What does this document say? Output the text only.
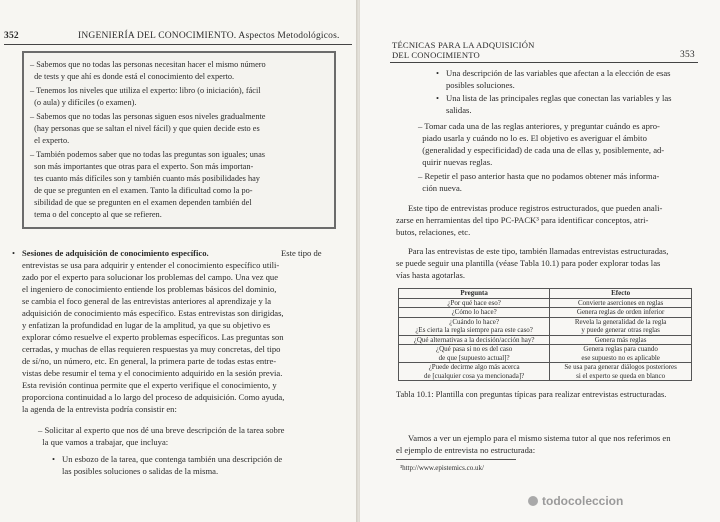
352	INGENIERÍA DEL CONOCIMIENTO. Aspectos Metodológicos.
– Sabemos que no todas las personas necesitan hacer el mismo número
de tests y que ahí es donde está el conocimiento del experto.
– Tenemos los niveles que utiliza el experto: libro (o iniciación), fácil
(o aula) y difíciles (o examen).
– Sabemos que no todas las personas siguen esos niveles gradualmente
(hay personas que se saltan el nivel fácil) y que quien decide esto es
el experto.
– También podemos saber que no todas las preguntas son iguales; unas
son más importantes que otras para el experto. Son más importan-
tes cuanto más difíciles son y también cuanto más posibilidades hay
de que se pregunten en el examen. Tanto la dificultad como la po-
sibilidad de que se pregunten en el examen dependen también del
tema o del concepto al que se refieren.
• Sesiones de adquisición de conocimiento específico.	Este tipo de
entrevistas se usa para adquirir y entender el conocimiento específico utili-
zado por el experto para solucionar los problemas del campo. Una vez que
el ingeniero de conocimiento entiende los problemas básicos del dominio,
se cambia el foco general de las entrevistas anteriores al aprendizaje y la
adquisición de conocimiento más específico. Estas entrevistas son dirigidas,
y enfatizan la profundidad en lugar de la amplitud, ya que su objetivo es
explorar cómo resuelve el experto problemas específicos. Las preguntas son
cerradas, y muchas de ellas requieren respuestas ya muy concretas, del tipo
de sí/no, un número, etc. En general, la primera parte de todas estas entre-
vistas debe resumir el tema y el conocimiento adquirido en la sesión previa.
Esta revisión continua permite que el experto verifique el conocimiento, y
proporciona continuidad a lo largo del proceso de adquisición. Como ayuda,
la agenda de la entrevista podría consistir en:
– Solicitar al experto que nos dé una breve descripción de la tarea sobre
la que vamos a trabajar, que incluya:
• Un esbozo de la tarea, que contenga también una descripción de
las posibles soluciones o salidas de la misma.
TÉCNICAS PARA LA ADQUISICIÓN
DEL CONOCIMIENTO	353
• Una descripción de las variables que afectan a la elección de esas
posibles soluciones.
• Una lista de las principales reglas que conectan las variables y las
salidas.
– Tomar cada una de las reglas anteriores, y preguntar cuándo es apro-
piado usarla y cuándo no lo es. El objetivo es averiguar el ámbito
(generalidad y especificidad) de cada una de ellas y, posiblemente, ad-
quirir nuevas reglas.
– Repetir el paso anterior hasta que no podamos obtener más informa-
ción nueva.
Este tipo de entrevistas produce registros estructurados, que pueden anali-
zarse en herramientas del tipo PC-PACK³ para identificar conceptos, atri-
butos, relaciones, etc.
Para las entrevistas de este tipo, también llamadas entrevistas estructuradas,
se puede seguir una plantilla (véase Tabla 10.1) para poder explorar todas las
vías hasta agotarlas.
Pregunta	Efecto
¿Por qué hace eso?	Convierte aserciones en reglas
¿Cómo lo hace?	Genera reglas de orden inferior
¿Cuándo lo hace?
¿Es cierta la regla siempre para este caso?	Revela la generalidad de la regla
y puede generar otras reglas
¿Qué alternativas a la decisión/acción hay?	Genera más reglas
¿Qué pasa si no es del caso
de que [supuesto actual]?	Genera reglas para cuando
ese supuesto no es aplicable
¿Puede decirme algo más acerca
de [cualquier cosa ya mencionada]?	Se usa para generar diálogos posteriores
si el experto se queda en blanco
Tabla 10.1: Plantilla con preguntas típicas para realizar entrevistas estructuradas.
Vamos a ver un ejemplo para el mismo sistema tutor al que nos referimos en
el ejemplo de entrevista no estructurada:
³http://www.epistemics.co.uk/
todocoleccion
